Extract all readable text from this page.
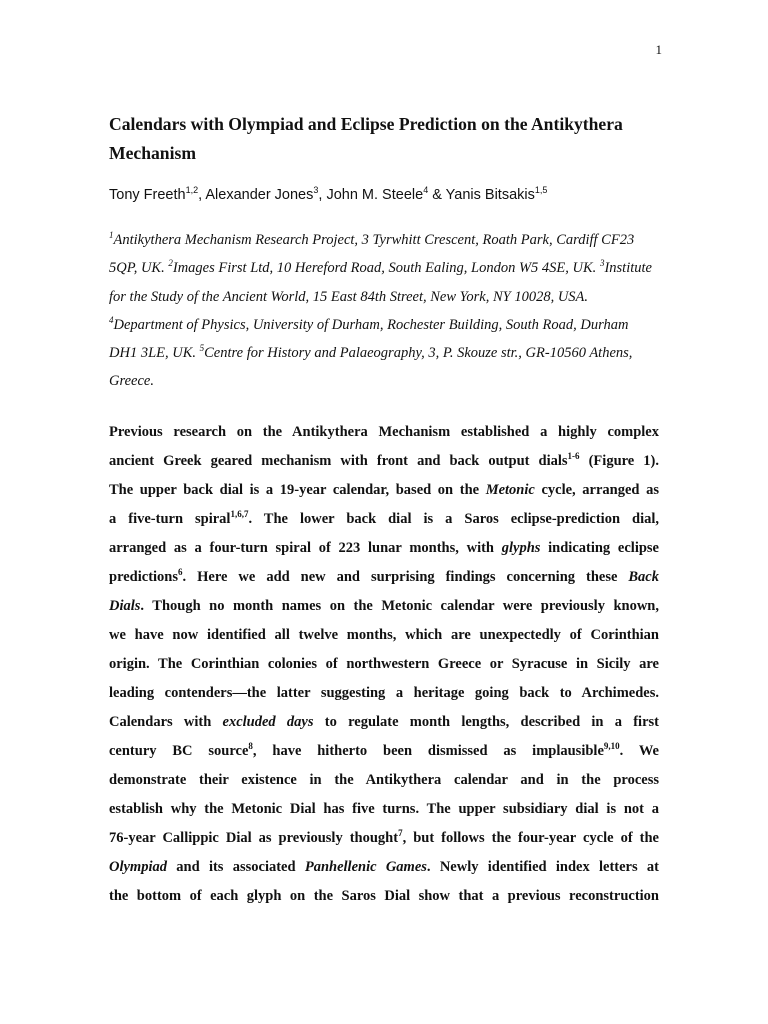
1
Calendars with Olympiad and Eclipse Prediction on the Antikythera Mechanism

Tony Freeth$^{1,2}$, Alexander Jones$^3$, John M. Steele$^4$ & Yanis Bitsakis$^{1,5}$

$^1$Antikythera Mechanism Research Project, 3 Tyrwhitt Crescent, Roath Park, Cardiff CF23 5QP, UK. $^2$Images First Ltd, 10 Hereford Road, South Ealing, London W5 4SE, UK. $^3$Institute for the Study of the Ancient World, 15 East 84th Street, New York, NY 10028, USA. $^4$Department of Physics, University of Durham, Rochester Building, South Road, Durham DH1 3LE, UK. $^5$Centre for History and Palaeography, 3, P. Skouze str., GR-10560 Athens, Greece.

Previous research on the Antikythera Mechanism established a highly complex
ancient Greek geared mechanism with front and back output dials$^{1-6}$ (Figure 1).
The upper back dial is a 19-year calendar, based on the Metonic cycle, arranged as
a five-turn spiral$^{1,6,7}$. The lower back dial is a Saros eclipse-prediction dial,
arranged as a four-turn spiral of 223 lunar months, with glyphs indicating eclipse
predictions$^6$. Here we add new and surprising findings concerning these Back
Dials. Though no month names on the Metonic calendar were previously known,
we have now identified all twelve months, which are unexpectedly of Corinthian
origin. The Corinthian colonies of northwestern Greece or Syracuse in Sicily are
leading contenders—the latter suggesting a heritage going back to Archimedes.
Calendars with excluded days to regulate month lengths, described in a first
century BC source$^8$, have hitherto been dismissed as implausible$^{9,10}$. We
demonstrate their existence in the Antikythera calendar and in the process
establish why the Metonic Dial has five turns. The upper subsidiary dial is not a
76-year Callippic Dial as previously thought$^7$, but follows the four-year cycle of the
Olympiad and its associated Panhellenic Games. Newly identified index letters at
the bottom of each glyph on the Saros Dial show that a previous reconstruction
